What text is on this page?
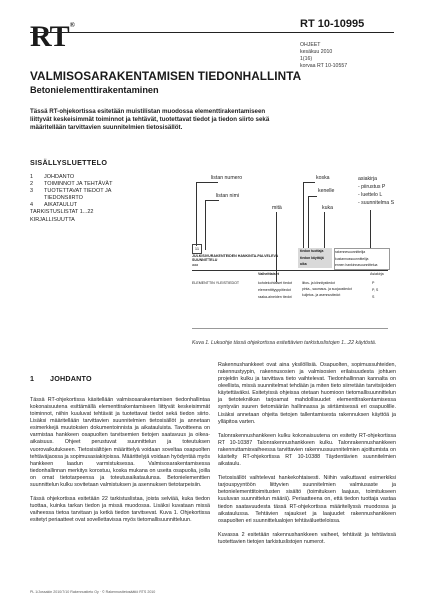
RT®	RT 10-10995
OHJEET
kesäkuu 2010
1(16)
korvaa RT 10-10557
VALMISOSARAKENTAMISEN TIEDONHALLINTA
Betonielementtirakentaminen
Tässä RT-ohjekortissa esitetään muistilistan muodossa elementtirakentamiseen liittyvät keskeisimmät toiminnot ja tehtävät, tuotettavat tiedot ja tiedon siirto sekä määritellään tarvittavien suunnitelmien tietosisällöt.
SISÄLLYSLUETTELO
1	JOHDANTO
2	TOIMINNOT JA TEHTÄVÄT
3	TUOTETTAVAT TIEDOT JA
TIEDONSIIRTO
4	AIKATAULUT
TARKISTUSLISTAT 1...22
KIRJALLISUUTTA
listan numero
listan nimi
mitä
koska
kenelle
kuka
asiakirja
- piirustus P
- luettelo L
- suunnitelma S
11
JULKISIVURAKENTEIDEN HANKINTA-PALVELEVA SUUNNITTELU
aaa
tiedon tuottaja
tiedon käyttäjä
aika
rakennesuunnittelija
kustannussuunnittelija
ennen hankinnasuunnittelua
Vaiheittaiset	Asiakirja
ELEMENTTIN YLEISTIEDOT	kohdekohtaiset tiedot
elementtityyppitiedot
raaka-aineiden tiedot
liitos- ja kiinnitystiedot
pinta-, saumaus- ja suojaustiedot
kuljetus- ja asennustiedot
P
P, S
S
Kuva 1. Lukuohje tässä ohjekortissa esitettävien tarkistuslistojen 1...22 käytöstä.
1 JOHDANTO

Tässä RT-ohjekortissa käsitellään valmisosarakentamisen tiedonhallintaa kokonaisuutena esittämällä elementtirakentamiseen liittyvät keskeisimmät toiminnot, niihin kuuluvat tehtävät ja tuotettavat tiedot sekä tiedon siirto. Lisäksi määritellään tarvittavien suunnitelmien tietosisällöt ja annetaan esimerkkejä muutoksien dokumentoinnista ja aikatauluista. Tavoitteena on varmistaa hankkeen osapuolten tarvitsemien tietojen saatavuus ja oikea-aikaisuus. Ohjeet perustuvat suunnittelun ja toteutuksen vuorovaikutukseen. Tietosisältöjen määrittelyä voidaan soveltaa osapuolten tehtäväjaossa ja sopimusasiakirjoissa. Määrittelyjä voidaan hyödyntää myös hankkeen laadun varmistuksessa. Valmisosarakentamisessa tiedonhallinnan merkitys korostuu, koska mukana on useita osapuolia, joilla on omat tietotarpeensa ja toteutusaikataulunsa. Betonielementtien suunnittelun kulku sovitetaan valmistuksen ja asennuksen tietotarpeisiin.

Tässä ohjekortissa esitetään 22 tarkistuslistaa, joista selviää, kuka tiedon tuottaa, kuinka tarkan tiedon ja missä muodossa. Lisäksi kuvataan missä vaiheessa tietoa tarvitaan ja ketkä tiedon tarvitsevat. Kuva 1. Ohjekortissa esitetyt periaatteet ovat sovellettavissa myös tietomallisuunnitteluun.

Rakennushankkeet ovat aina yksilöllisiä. Osapuolten, sopimussuhteiden, rakennustyypin, rakennusosien ja valmisosien erilaisuudesta johtuen projektin kulku ja tarvittava tieto vaihtelevat. Tiedonhallinnan kannalta on oleellista, missä suunnitelmat tehdään ja miten tieto siirretään tarvitsijoiden käytettäväksi. Esitetyissä ohjeissa otetaan huomioon tietomallisuunnittelun ja tietotekniikan tarjoamat mahdollisuudet elementtirakentamisessa syntyvän suuren tietomäärän hallinnassa ja siirtämisessä eri osapuolille. Lisäksi annetaan ohjeita tietojen tallentamisesta rakennuksen käyttöä ja ylläpitoa varten.

Talonrakennushankkeen kulku kokonaisuutena on esitetty RT-ohjekortissa RT 10-10387 Talonrakennushankkeen kulku. Talonrakennushankkeen rakennuttamisvaiheessa tarvittavien rakennussuunnitelmien ajoittumista on käsitelty RT-ohjekortissa RT 10-10388 Täydentävien suunnitelmien aikataulu.

Tietosisällöt vaihtelevat hankekohtaisesti. Niihin vaikuttavat esimerkiksi tarjouspyyntöön liittyvien suunnitelmien valmiusaste ja betonielementtitoimitusten sisältö (toimituksen laajuus, toimitukseen kuuluvan suunnittelun määrä). Periaatteena on, että tiedon tuottaja vastaa tiedon saatavuudesta tässä RT-ohjekortissa määritellyssä muodossa ja aikataulussa. Tehtävien rajaukset ja laajuudet rakennushankkeen osapuolten eri suunnittelualojen tehtäväluetteloissa.

Kuvassa 2 esitetään rakennushankkeen vaiheet, tehtävät ja tehtävissä tuotettavien tietojen tarkistuslistojen numerot.

PL 1/Jossakin 2010/7/10 Rakennustieto Oy · © Rakennustietosäätiö RTS 2010
